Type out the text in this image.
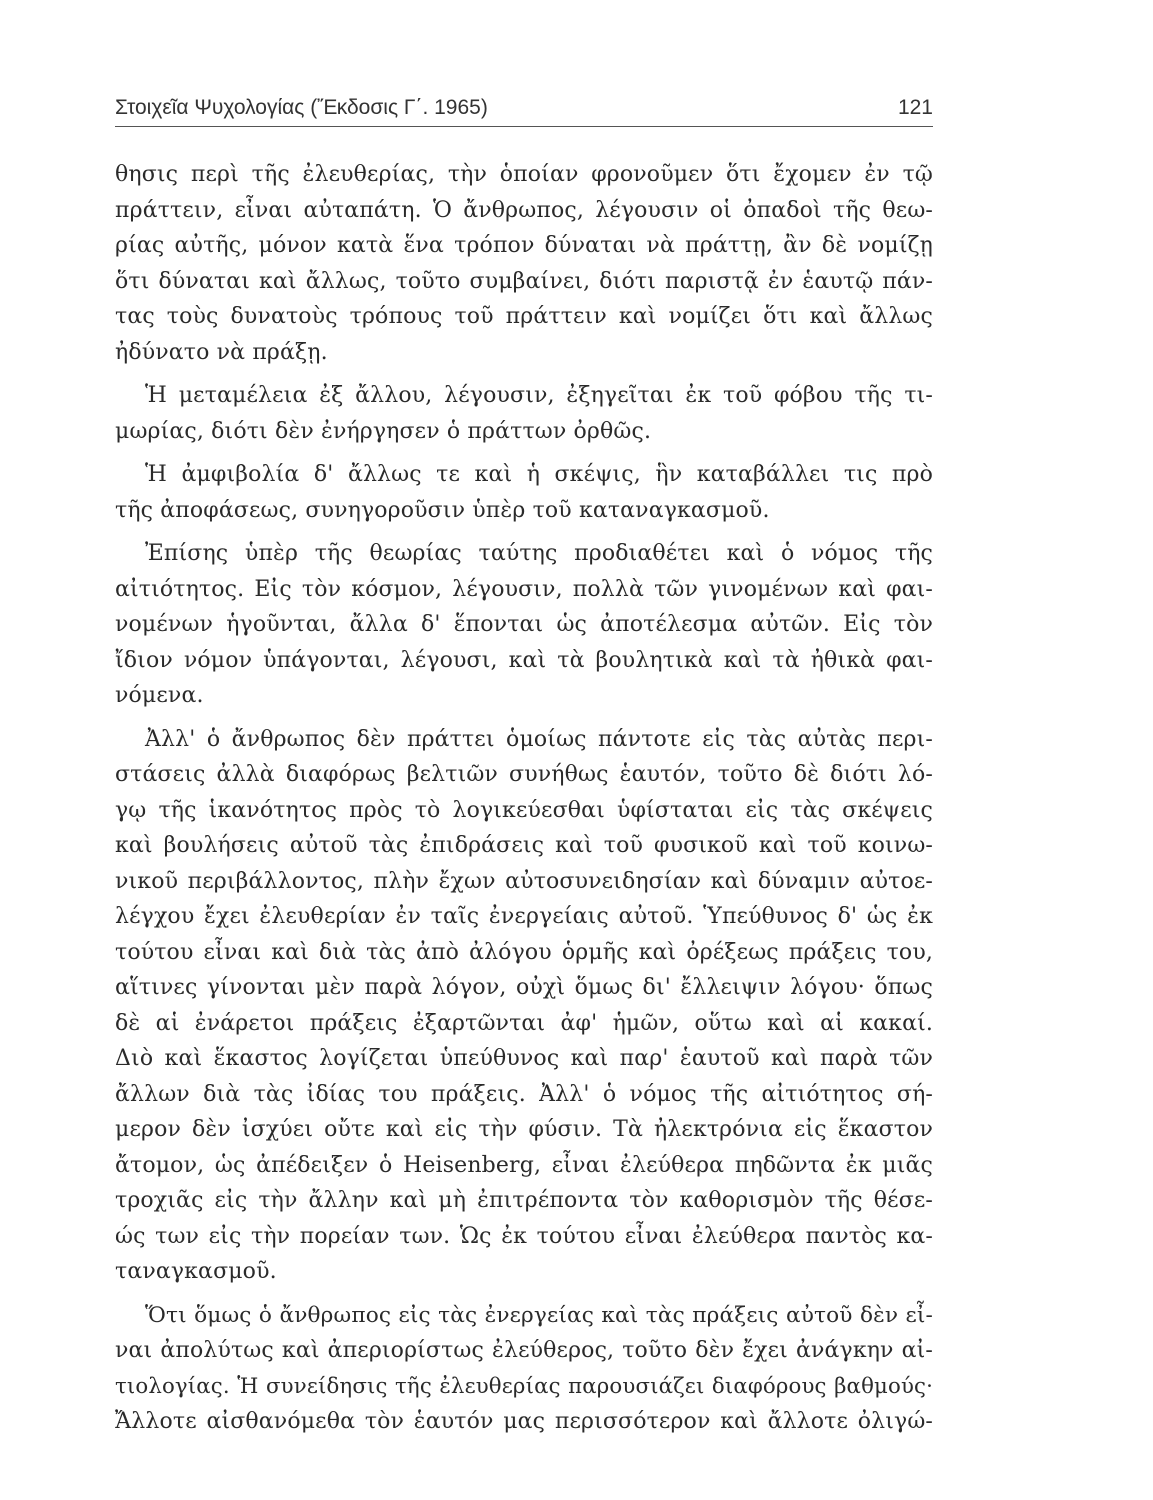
Στοιχεῖα Ψυχολογίας (Ἔκδοσις Γ΄. 1965)	121

θησις περὶ τῆς ἐλευθερίας, τὴν ὁποίαν φρονοῦμεν ὅτι ἔχομεν ἐν τῷ
πράττειν, εἶναι αὐταπάτη. Ὁ ἄνθρωπος, λέγουσιν οἱ ὀπαδοὶ τῆς θεω-
ρίας αὐτῆς, μόνον κατὰ ἕνα τρόπον δύναται νὰ πράττῃ, ἂν δὲ νομίζῃ
ὅτι δύναται καὶ ἄλλως, τοῦτο συμβαίνει, διότι παριστᾷ ἐν ἑαυτῷ πάν-
τας τοὺς δυνατοὺς τρόπους τοῦ πράττειν καὶ νομίζει ὅτι καὶ ἄλλως
ἠδύνατο νὰ πράξῃ.

Ἡ μεταμέλεια ἐξ ἄλλου, λέγουσιν, ἐξηγεῖται ἐκ τοῦ φόβου τῆς τι-
μωρίας, διότι δὲν ἐνήργησεν ὁ πράττων ὀρθῶς.

Ἡ ἀμφιβολία δ' ἄλλως τε καὶ ἡ σκέψις, ἣν καταβάλλει τις πρὸ
τῆς ἀποφάσεως, συνηγοροῦσιν ὑπὲρ τοῦ καταναγκασμοῦ.

Ἐπίσης ὑπὲρ τῆς θεωρίας ταύτης προδιαθέτει καὶ ὁ νόμος τῆς
αἰτιότητος. Εἰς τὸν κόσμον, λέγουσιν, πολλὰ τῶν γινομένων καὶ φαι-
νομένων ἡγοῦνται, ἄλλα δ' ἕπονται ὡς ἀποτέλεσμα αὐτῶν. Εἰς τὸν
ἴδιον νόμον ὑπάγονται, λέγουσι, καὶ τὰ βουλητικὰ καὶ τὰ ἠθικὰ φαι-
νόμενα.

Ἀλλ' ὁ ἄνθρωπος δὲν πράττει ὁμοίως πάντοτε εἰς τὰς αὐτὰς περι-
στάσεις ἀλλὰ διαφόρως βελτιῶν συνήθως ἑαυτόν, τοῦτο δὲ διότι λό-
γῳ τῆς ἱκανότητος πρὸς τὸ λογικεύεσθαι ὑφίσταται εἰς τὰς σκέψεις
καὶ βουλήσεις αὐτοῦ τὰς ἐπιδράσεις καὶ τοῦ φυσικοῦ καὶ τοῦ κοινω-
νικοῦ περιβάλλοντος, πλὴν ἔχων αὐτοσυνειδησίαν καὶ δύναμιν αὐτοε-
λέγχου ἔχει ἐλευθερίαν ἐν ταῖς ἐνεργείαις αὐτοῦ. Ὑπεύθυνος δ' ὡς ἐκ
τούτου εἶναι καὶ διὰ τὰς ἀπὸ ἀλόγου ὁρμῆς καὶ ὀρέξεως πράξεις του,
αἵτινες γίνονται μὲν παρὰ λόγον, οὐχὶ ὅμως δι' ἔλλειψιν λόγου· ὅπως
δὲ αἱ ἐνάρετοι πράξεις ἐξαρτῶνται ἀφ' ἡμῶν, οὕτω καὶ αἱ κακαί.
Διὸ καὶ ἕκαστος λογίζεται ὑπεύθυνος καὶ παρ' ἑαυτοῦ καὶ παρὰ τῶν
ἄλλων διὰ τὰς ἰδίας του πράξεις. Ἀλλ' ὁ νόμος τῆς αἰτιότητος σή-
μερον δὲν ἰσχύει οὔτε καὶ εἰς τὴν φύσιν. Τὰ ἠλεκτρόνια εἰς ἕκαστον
ἄτομον, ὡς ἀπέδειξεν ὁ Heisenberg, εἶναι ἐλεύθερα πηδῶντα ἐκ μιᾶς
τροχιᾶς εἰς τὴν ἄλλην καὶ μὴ ἐπιτρέποντα τὸν καθορισμὸν τῆς θέσε-
ώς των εἰς τὴν πορείαν των. Ὡς ἐκ τούτου εἶναι ἐλεύθερα παντὸς κα-
ταναγκασμοῦ.

Ὅτι ὅμως ὁ ἄνθρωπος εἰς τὰς ἐνεργείας καὶ τὰς πράξεις αὐτοῦ δὲν εἶ-
ναι ἀπολύτως καὶ ἀπεριορίστως ἐλεύθερος, τοῦτο δὲν ἔχει ἀνάγκην αἰ-
τιολογίας. Ἡ συνείδησις τῆς ἐλευθερίας παρουσιάζει διαφόρους βαθμούς·
Ἄλλοτε αἰσθανόμεθα τὸν ἑαυτόν μας περισσότερον καὶ ἄλλοτε ὀλιγώ-
